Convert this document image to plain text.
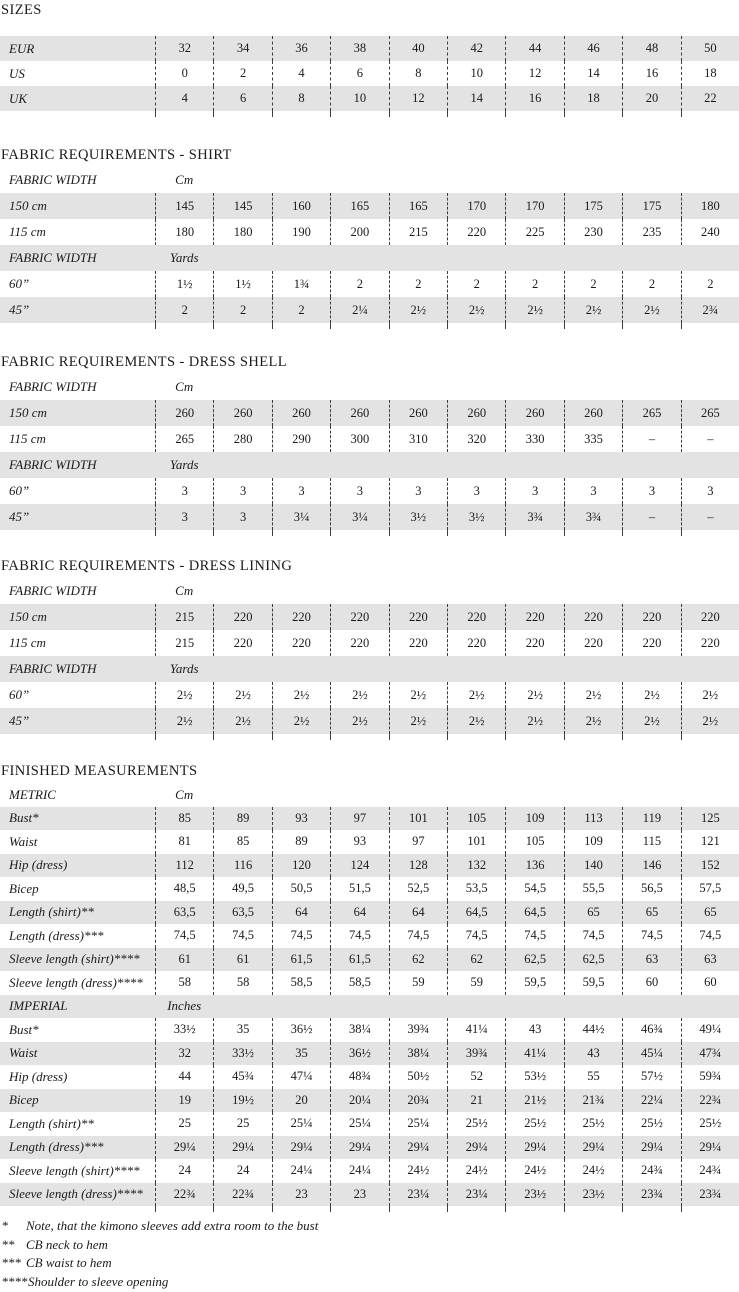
SIZES
EUR	32	34	36	38	40	42	44	46	48	50
US	0	2	4	6	8	10	12	14	16	18
UK	4	6	8	10	12	14	16	18	20	22
FABRIC REQUIREMENTS - SHIRT
FABRIC WIDTH	Cm
150 cm	145	145	160	165	165	170	170	175	175	180
115 cm	180	180	190	200	215	220	225	230	235	240
FABRIC WIDTH	Yards
60”	1½	1½	1¾	2	2	2	2	2	2	2
45”	2	2	2	2¼	2½	2½	2½	2½	2½	2¾
FABRIC REQUIREMENTS - DRESS SHELL
FABRIC WIDTH	Cm
150 cm	260	260	260	260	260	260	260	260	265	265
115 cm	265	280	290	300	310	320	330	335	–	–
FABRIC WIDTH	Yards
60”	3	3	3	3	3	3	3	3	3	3
45”	3	3	3¼	3¼	3½	3½	3¾	3¾	–	–
FABRIC REQUIREMENTS - DRESS LINING
FABRIC WIDTH	Cm
150 cm	215	220	220	220	220	220	220	220	220	220
115 cm	215	220	220	220	220	220	220	220	220	220
FABRIC WIDTH	Yards
60”	2½	2½	2½	2½	2½	2½	2½	2½	2½	2½
45”	2½	2½	2½	2½	2½	2½	2½	2½	2½	2½
FINISHED MEASUREMENTS
METRIC	Cm
Bust*	85	89	93	97	101	105	109	113	119	125
Waist	81	85	89	93	97	101	105	109	115	121
Hip (dress)	112	116	120	124	128	132	136	140	146	152
Bicep	48,5	49,5	50,5	51,5	52,5	53,5	54,5	55,5	56,5	57,5
Length (shirt)**	63,5	63,5	64	64	64	64,5	64,5	65	65	65
Length (dress)***	74,5	74,5	74,5	74,5	74,5	74,5	74,5	74,5	74,5	74,5
Sleeve length (shirt)****	61	61	61,5	61,5	62	62	62,5	62,5	63	63
Sleeve length (dress)****	58	58	58,5	58,5	59	59	59,5	59,5	60	60
IMPERIAL	Inches
Bust*	33½	35	36½	38¼	39¾	41¼	43	44½	46¾	49¼
Waist	32	33½	35	36½	38¼	39¾	41¼	43	45¼	47¾
Hip (dress)	44	45¾	47¼	48¾	50½	52	53½	55	57½	59¾
Bicep	19	19½	20	20¼	20¾	21	21½	21¾	22¼	22¾
Length (shirt)**	25	25	25¼	25¼	25¼	25½	25½	25½	25½	25½
Length (dress)***	29¼	29¼	29¼	29¼	29¼	29¼	29¼	29¼	29¼	29¼
Sleeve length (shirt)****	24	24	24¼	24¼	24½	24½	24½	24½	24¾	24¾
Sleeve length (dress)****	22¾	22¾	23	23	23¼	23¼	23½	23½	23¾	23¾
*	Note, that the kimono sleeves add extra room to the bust
** CB neck to hem
*** CB waist to hem
**** Shoulder to sleeve opening
